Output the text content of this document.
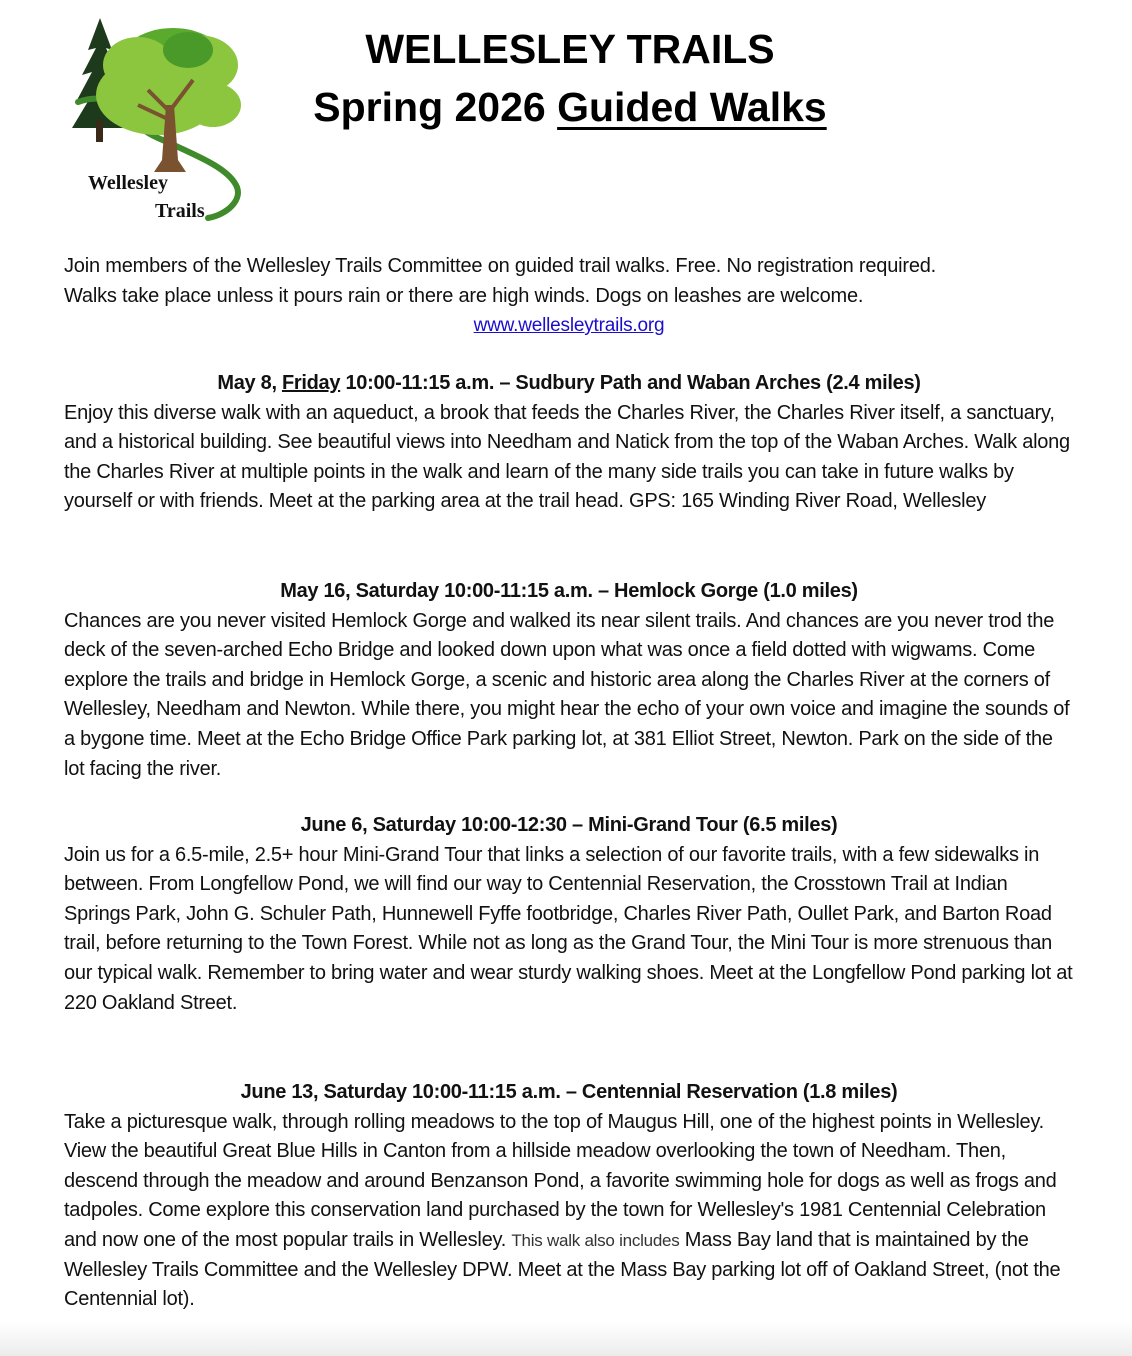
Wellesley
Trails
WELLESLEY TRAILS
Spring 2026 Guided Walks
Join members of the Wellesley Trails Committee on guided trail walks. Free. No registration required.
Walks take place unless it pours rain or there are high winds. Dogs on leashes are welcome.
www.wellesleytrails.org
May 8, Friday 10:00-11:15 a.m. – Sudbury Path and Waban Arches (2.4 miles)

Enjoy this diverse walk with an aqueduct, a brook that feeds the Charles River, the Charles River itself, a sanctuary, and a historical building. See beautiful views into Needham and Natick from the top of the Waban Arches. Walk along the Charles River at multiple points in the walk and learn of the many side trails you can take in future walks by yourself or with friends. Meet at the parking area at the trail head. GPS: 165 Winding River Road, Wellesley

May 16, Saturday 10:00-11:15 a.m. – Hemlock Gorge (1.0 miles)

Chances are you never visited Hemlock Gorge and walked its near silent trails. And chances are you never trod the deck of the seven-arched Echo Bridge and looked down upon what was once a field dotted with wigwams. Come explore the trails and bridge in Hemlock Gorge, a scenic and historic area along the Charles River at the corners of Wellesley, Needham and Newton. While there, you might hear the echo of your own voice and imagine the sounds of a bygone time. Meet at the Echo Bridge Office Park parking lot, at 381 Elliot Street, Newton. Park on the side of the lot facing the river.

June 6, Saturday 10:00-12:30 – Mini-Grand Tour (6.5 miles)

Join us for a 6.5-mile, 2.5+ hour Mini-Grand Tour that links a selection of our favorite trails, with a few sidewalks in between. From Longfellow Pond, we will find our way to Centennial Reservation, the Crosstown Trail at Indian Springs Park, John G. Schuler Path, Hunnewell Fyffe footbridge, Charles River Path, Oullet Park, and Barton Road trail, before returning to the Town Forest. While not as long as the Grand Tour, the Mini Tour is more strenuous than our typical walk. Remember to bring water and wear sturdy walking shoes. Meet at the Longfellow Pond parking lot at 220 Oakland Street.

June 13, Saturday 10:00-11:15 a.m. – Centennial Reservation (1.8 miles)

Take a picturesque walk, through rolling meadows to the top of Maugus Hill, one of the highest points in Wellesley. View the beautiful Great Blue Hills in Canton from a hillside meadow overlooking the town of Needham. Then, descend through the meadow and around Benzanson Pond, a favorite swimming hole for dogs as well as frogs and tadpoles. Come explore this conservation land purchased by the town for Wellesley's 1981 Centennial Celebration and now one of the most popular trails in Wellesley. This walk also includes Mass Bay land that is maintained by the Wellesley Trails Committee and the Wellesley DPW. Meet at the Mass Bay parking lot off of Oakland Street, (not the Centennial lot).
